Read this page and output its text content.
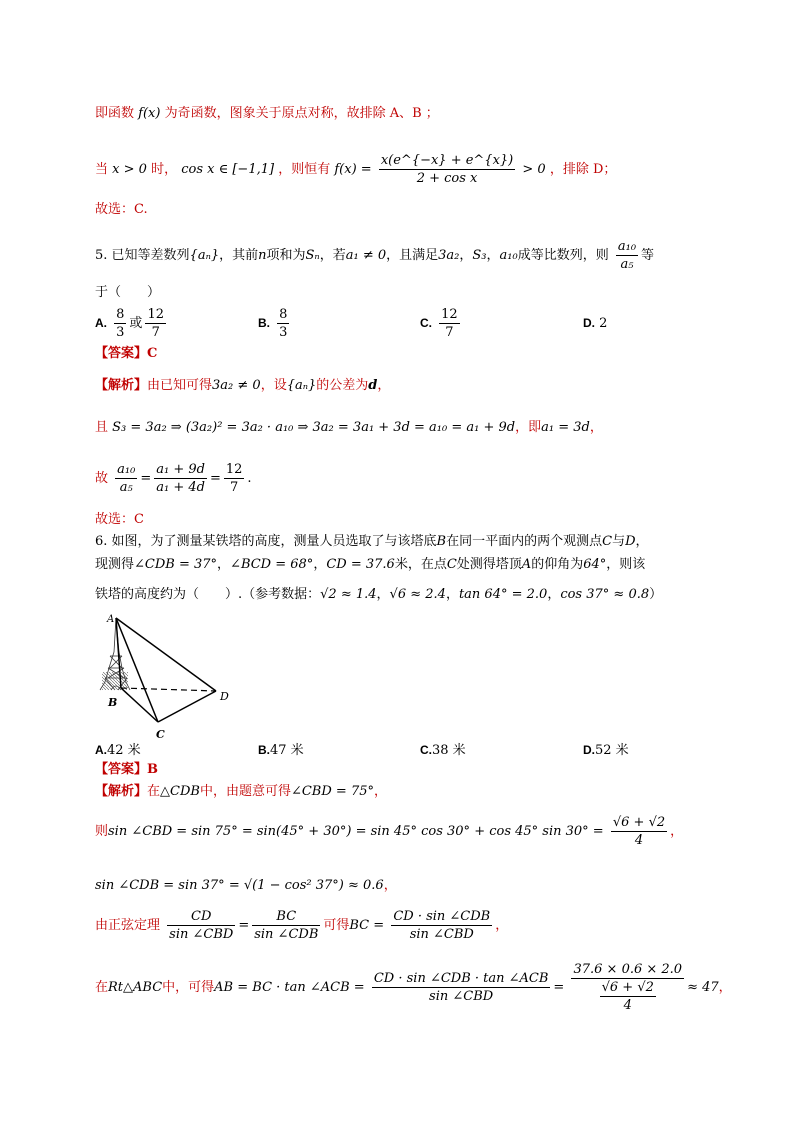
即函数 f(x) 为奇函数，图象关于原点对称，故排除 A、B ；
当 x > 0 时， cos x ∈ [−1,1] ，则恒有 $f(x) = \frac{x(e\^{}\{-x\} + e\^{}\{x\})}{\text{2 + cos x}} > 0$ ，排除 D；
故选：C.
5. 已知等差数列{aₙ}，其前n项和为Sₙ，若a₁ ≠ 0，且满足3a₂，S₃，a₁₀成等比数列，则 $\frac{\text{a₁₀}}{\text{a₅}}$ 等
于（　　）
A. $\frac{8}{3}$ 或 $\frac{12}{7}$	B. $\frac{8}{3}$	C. $\frac{12}{7}$	D. 2
【答案】C
【解析】由已知可得3a₂ ≠ 0，设{aₙ}的公差为d，
且 S₃ = 3a₂ ⇒ (3a₂)² = 3a₂ · a₁₀ ⇒ 3a₂ = 3a₁ + 3d = a₁₀ = a₁ + 9d，即a₁ = 3d，
故 $\frac{\text{a₁₀}}{\text{a₅}} = \frac{\text{a₁ + 9d}}{\text{a₁ + 4d}} = \frac{12}{7}$ .
故选：C
6. 如图，为了测量某铁塔的高度，测量人员选取了与该塔底B在同一平面内的两个观测点C与D，
现测得∠CDB = 37°，∠BCD = 68°，CD = 37.6米，在点C处测得塔顶A的仰角为64°，则该
铁塔的高度约为（　　）.（参考数据：√2 ≈ 1.4，√6 ≈ 2.4，tan 64° = 2.0，cos 37° ≈ 0.8）
A
B
C
D
A.42 米	B.47 米	C.38 米	D.52 米
【答案】B
【解析】在△CDB中，由题意可得∠CBD = 75°，
则sin ∠CBD = sin 75° = sin(45° + 30°) = sin 45° cos 30° + cos 45° $\sin 30^\circ = \frac{√6 + √2}{4}$ ，
sin ∠CDB = sin 37° = √(1 − cos² 37°) ≈ 0.6，
由正弦定理 $\frac{CD}{\text{sin ∠CBD}} = \frac{BC}{\text{sin ∠CDB}}$ 可得BC = $\frac{\text{CD · sin ∠CDB}}{\text{sin ∠CBD}}$ ，
在Rt△ABC中，可得AB = BC · tan ∠ACB = $\frac{\text{CD · sin ∠CDB · tan ∠ACB}}{\text{sin ∠CBD}} = \frac{37.6 \times 0.6 \times 2.0}{\frac{√6 + √2}{4}} \approx 47$，
